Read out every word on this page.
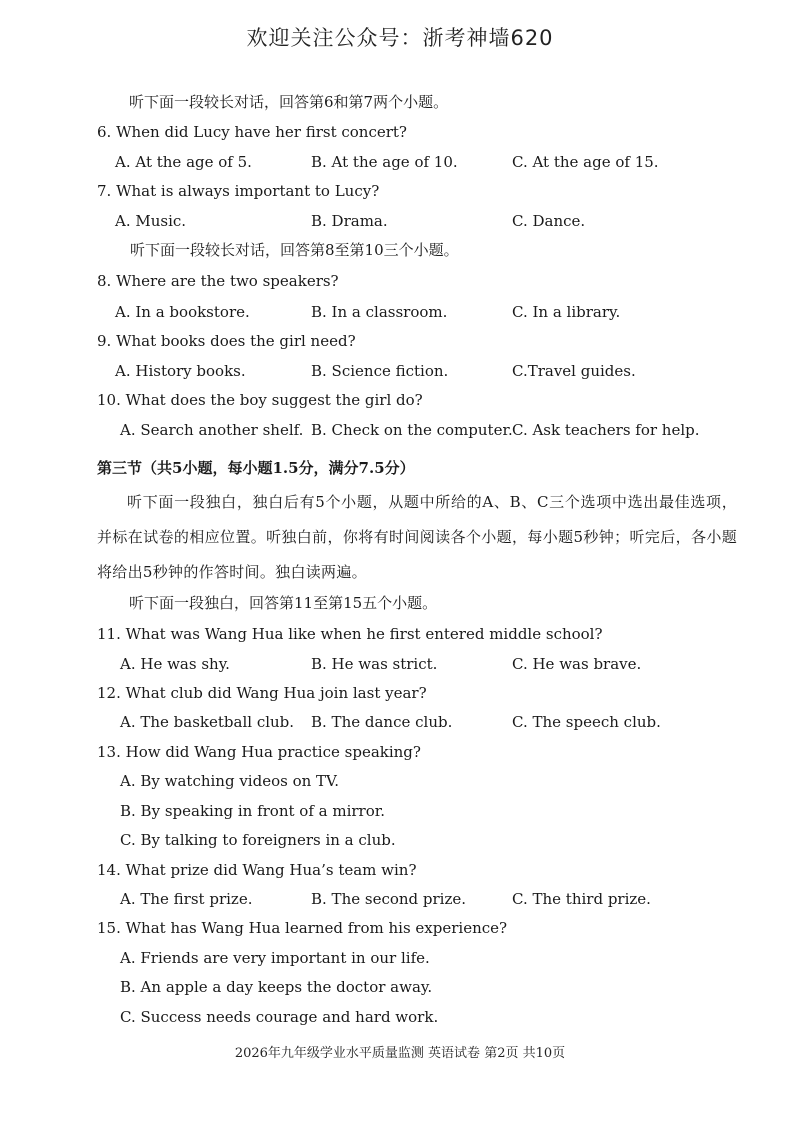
欢迎关注公众号：浙考神墙620
听下面一段较长对话，回答第6和第7两个小题。
6. When did Lucy have her first concert?
A. At the age of 5.	B. At the age of 10.	C. At the age of 15.
7. What is always important to Lucy?
A. Music.	B. Drama.	C. Dance.
听下面一段较长对话，回答第8至第10三个小题。
8. Where are the two speakers?
A. In a bookstore.	B. In a classroom.	C. In a library.
9. What books does the girl need?
A. History books.	B. Science fiction.	C.Travel guides.
10. What does the boy suggest the girl do?
A. Search another shelf. B. Check on the computer. C. Ask teachers for help.
第三节（共5小题，每小题1.5分，满分7.5分）
听下面一段独白，独白后有5个小题，从题中所给的A、B、C三个选项中选出最佳选项，并标在试卷的相应位置。听独白前，你将有时间阅读各个小题，每小题5秒钟；听完后，各小题将给出5秒钟的作答时间。独白读两遍。
听下面一段独白，回答第11至第15五个小题。
11. What was Wang Hua like when he first entered middle school?
A. He was shy.	B. He was strict.	C. He was brave.
12. What club did Wang Hua join last year?
A. The basketball club. B. The dance club.	C. The speech club.
13. How did Wang Hua practice speaking?
A. By watching videos on TV.
B. By speaking in front of a mirror.
C. By talking to foreigners in a club.
14. What prize did Wang Hua’s team win?
A. The first prize.	B. The second prize.	C. The third prize.
15. What has Wang Hua learned from his experience?
A. Friends are very important in our life.
B. An apple a day keeps the doctor away.
C. Success needs courage and hard work.
2026年九年级学业水平质量监测 英语试卷 第2页 共10页
